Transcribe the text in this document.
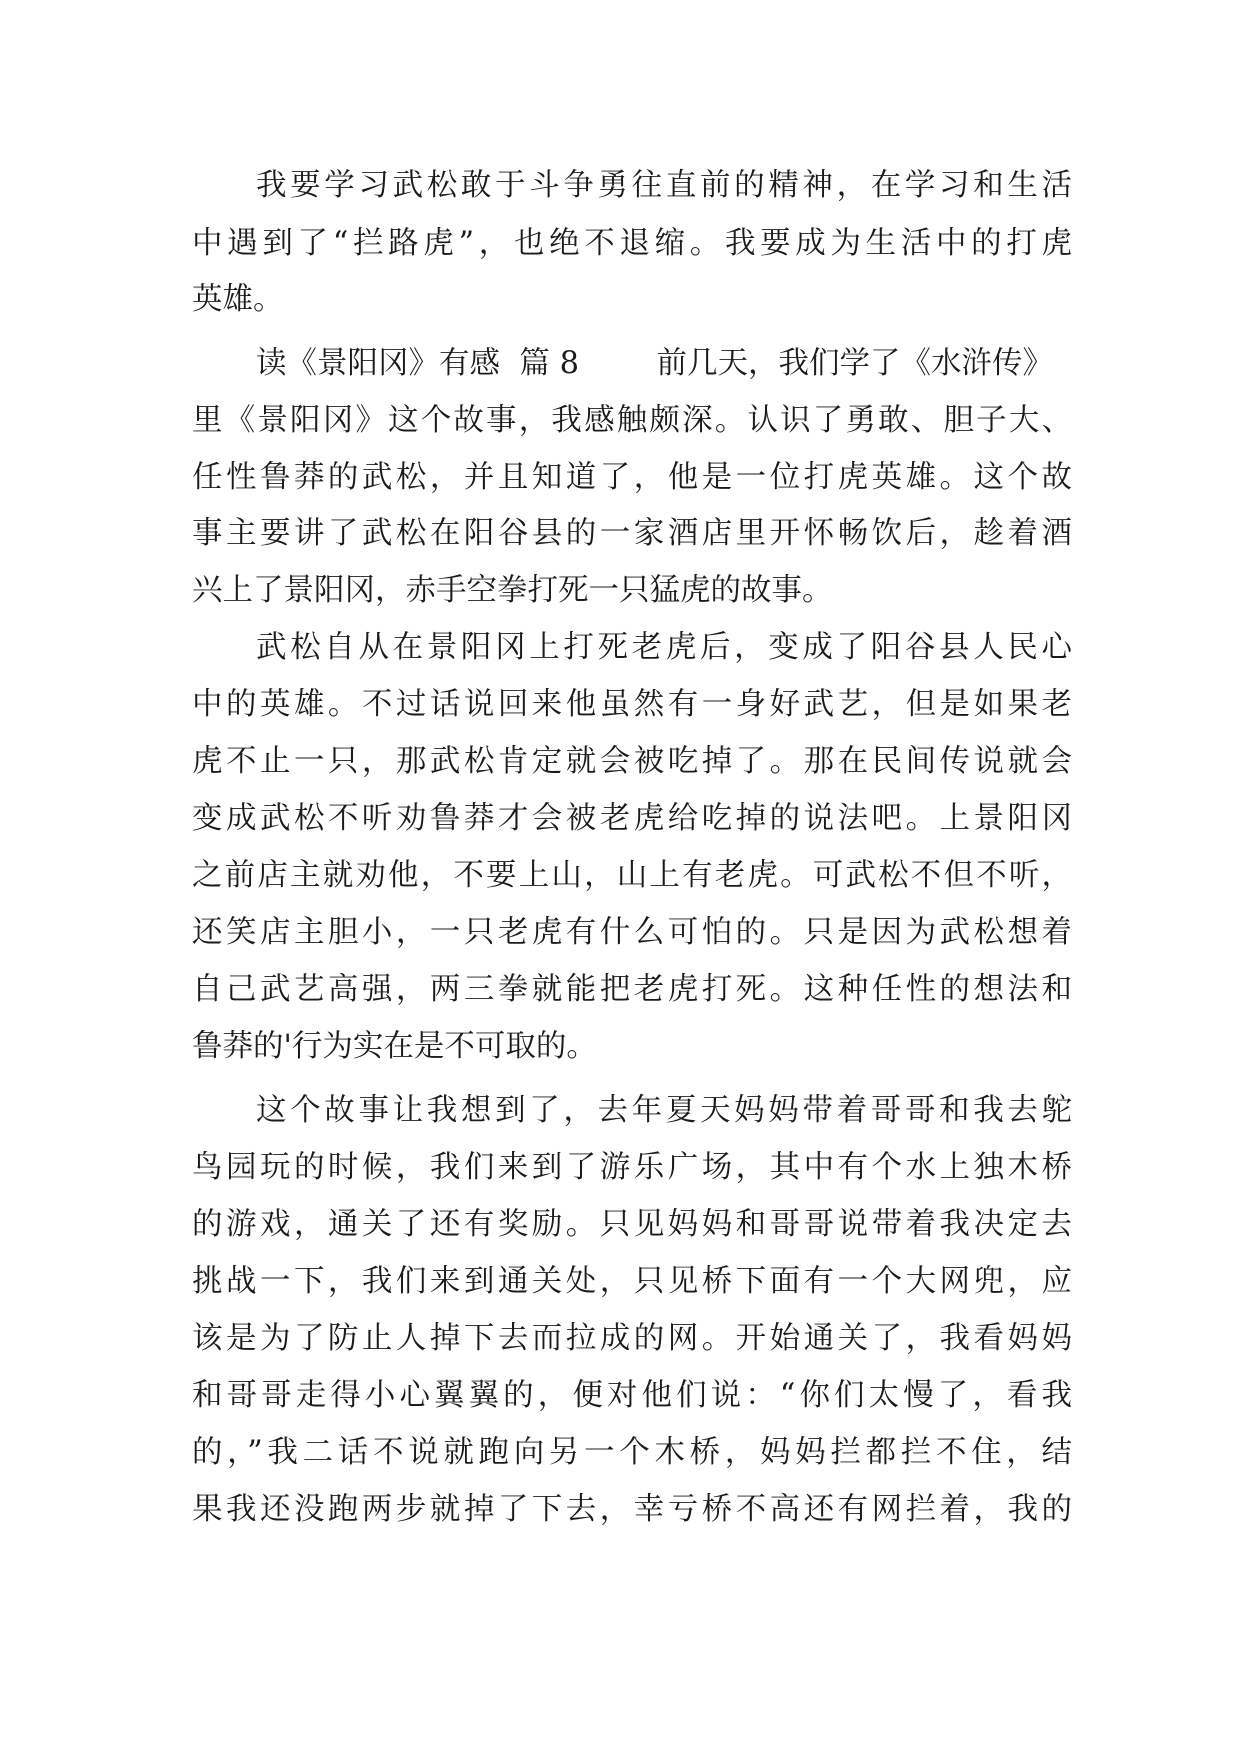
我要学习武松敢于斗争勇往直前的精神，在学习和生活
中遇到了“拦路虎”，也绝不退缩。我要成为生活中的打虎
英雄。
读《景阳冈》有感  篇 8        前几天，我们学了《水浒传》
里《景阳冈》这个故事，我感触颇深。认识了勇敢、胆子大、
任性鲁莽的武松，并且知道了，他是一位打虎英雄。这个故
事主要讲了武松在阳谷县的一家酒店里开怀畅饮后，趁着酒
兴上了景阳冈，赤手空拳打死一只猛虎的故事。
武松自从在景阳冈上打死老虎后，变成了阳谷县人民心
中的英雄。不过话说回来他虽然有一身好武艺，但是如果老
虎不止一只，那武松肯定就会被吃掉了。那在民间传说就会
变成武松不听劝鲁莽才会被老虎给吃掉的说法吧。上景阳冈
之前店主就劝他，不要上山，山上有老虎。可武松不但不听，
还笑店主胆小，一只老虎有什么可怕的。只是因为武松想着
自己武艺高强，两三拳就能把老虎打死。这种任性的想法和
鲁莽的'行为实在是不可取的。
这个故事让我想到了，去年夏天妈妈带着哥哥和我去鸵
鸟园玩的时候，我们来到了游乐广场，其中有个水上独木桥
的游戏，通关了还有奖励。只见妈妈和哥哥说带着我决定去
挑战一下，我们来到通关处，只见桥下面有一个大网兜，应
该是为了防止人掉下去而拉成的网。开始通关了，我看妈妈
和哥哥走得小心翼翼的，便对他们说：“你们太慢了，看我
的，”我二话不说就跑向另一个木桥，妈妈拦都拦不住，结
果我还没跑两步就掉了下去，幸亏桥不高还有网拦着，我的
